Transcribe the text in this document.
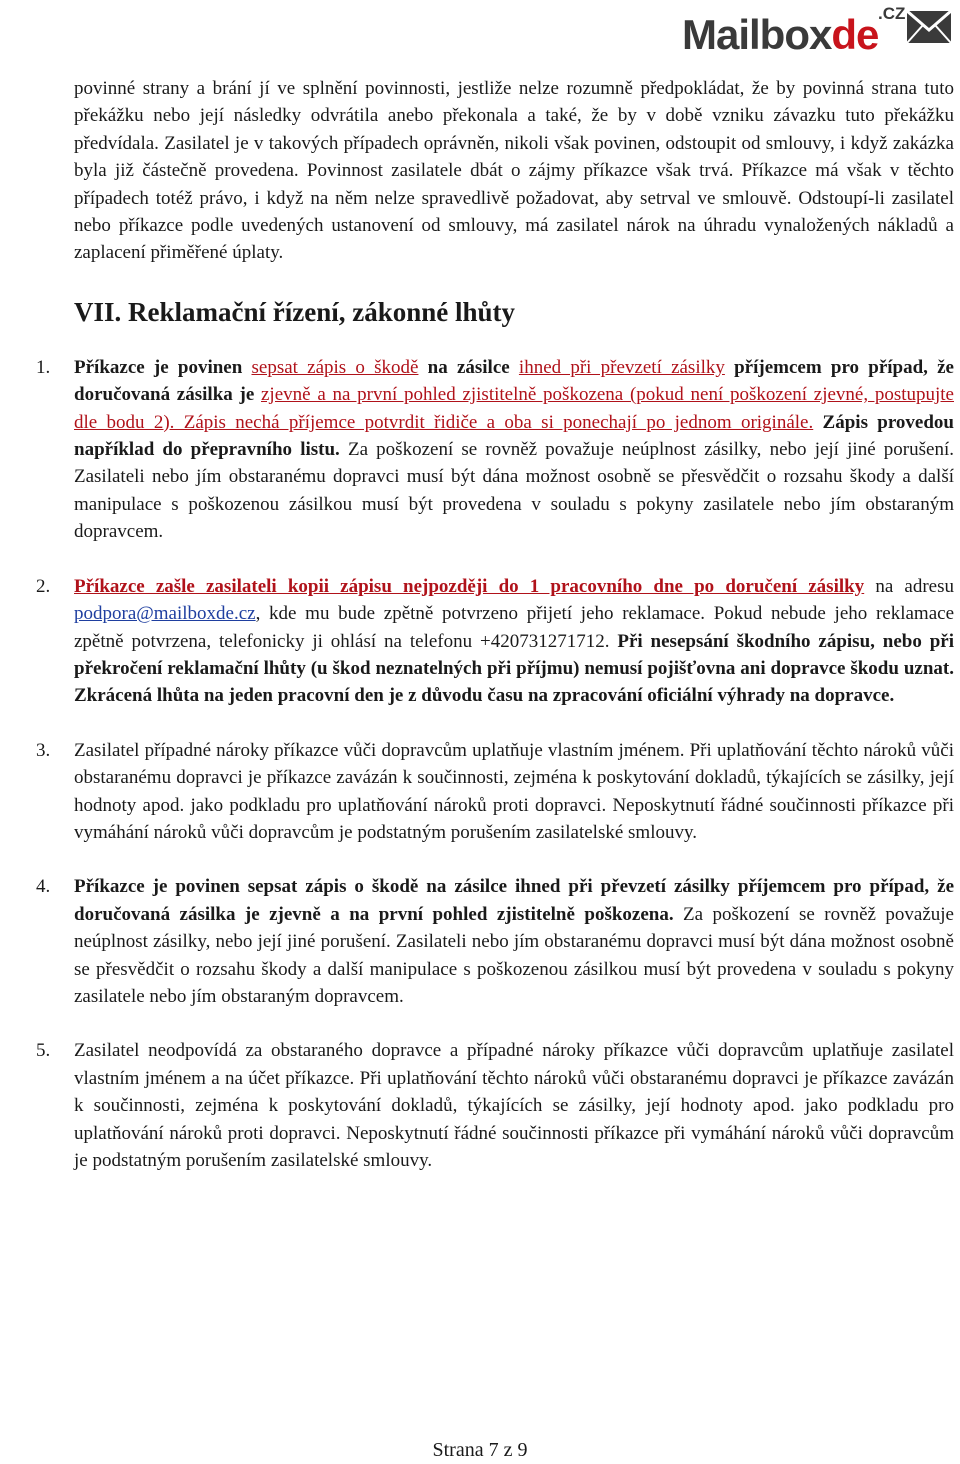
Mailboxde .CZ

povinné strany a brání jí ve splnění povinnosti, jestliže nelze rozumně předpokládat, že by povinná strana tuto překážku nebo její následky odvrátila anebo překonala a také, že by v době vzniku závazku tuto překážku předvídala. Zasilatel je v takových případech oprávněn, nikoli však povinen, odstoupit od smlouvy, i když zakázka byla již částečně provedena. Povinnost zasilatele dbát o zájmy příkazce však trvá. Příkazce má však v těchto případech totéž právo, i když na něm nelze spravedlivě požadovat, aby setrval ve smlouvě. Odstoupí-li zasilatel nebo příkazce podle uvedených ustanovení od smlouvy, má zasilatel nárok na úhradu vynaložených nákladů a zaplacení přiměřené úplaty.

VII. Reklamační řízení, zákonné lhůty
1. Příkazce je povinen sepsat zápis o škodě na zásilce ihned při převzetí zásilky příjemcem pro případ, že doručovaná zásilka je zjevně a na první pohled zjistitelně poškozena (pokud není poškození zjevné, postupujte dle bodu 2). Zápis nechá příjemce potvrdit řidiče a oba si ponechají po jednom originále. Zápis provedou například do přepravního listu. Za poškození se rovněž považuje neúplnost zásilky, nebo její jiné porušení. Zasilateli nebo jím obstaranému dopravci musí být dána možnost osobně se přesvědčit o rozsahu škody a další manipulace s poškozenou zásilkou musí být provedena v souladu s pokyny zasilatele nebo jím obstaraným dopravcem.
2. Příkazce zašle zasilateli kopii zápisu nejpozději do 1 pracovního dne po doručení zásilky na adresu podpora@mailboxde.cz, kde mu bude zpětně potvrzeno přijetí jeho reklamace. Pokud nebude jeho reklamace zpětně potvrzena, telefonicky ji ohlásí na telefonu +420731271712. Při nesepsání škodního zápisu, nebo při překročení reklamační lhůty (u škod neznatelných při příjmu) nemusí pojišťovna ani dopravce škodu uznat. Zkrácená lhůta na jeden pracovní den je z důvodu času na zpracování oficiální výhrady na dopravce.
3. Zasilatel případné nároky příkazce vůči dopravcům uplatňuje vlastním jménem. Při uplatňování těchto nároků vůči obstaranému dopravci je příkazce zavázán k součinnosti, zejména k poskytování dokladů, týkajících se zásilky, její hodnoty apod. jako podkladu pro uplatňování nároků proti dopravci. Neposkytnutí řádné součinnosti příkazce při vymáhání nároků vůči dopravcům je podstatným porušením zasilatelské smlouvy.
4. Příkazce je povinen sepsat zápis o škodě na zásilce ihned při převzetí zásilky příjemcem pro případ, že doručovaná zásilka je zjevně a na první pohled zjistitelně poškozena. Za poškození se rovněž považuje neúplnost zásilky, nebo její jiné porušení. Zasilateli nebo jím obstaranému dopravci musí být dána možnost osobně se přesvědčit o rozsahu škody a další manipulace s poškozenou zásilkou musí být provedena v souladu s pokyny zasilatele nebo jím obstaraným dopravcem.
5. Zasilatel neodpovídá za obstaraného dopravce a případné nároky příkazce vůči dopravcům uplatňuje zasilatel vlastním jménem a na účet příkazce. Při uplatňování těchto nároků vůči obstaranému dopravci je příkazce zavázán k součinnosti, zejména k poskytování dokladů, týkajících se zásilky, její hodnoty apod. jako podkladu pro uplatňování nároků proti dopravci. Neposkytnutí řádné součinnosti příkazce při vymáhání nároků vůči dopravcům je podstatným porušením zasilatelské smlouvy.
Strana 7 z 9
